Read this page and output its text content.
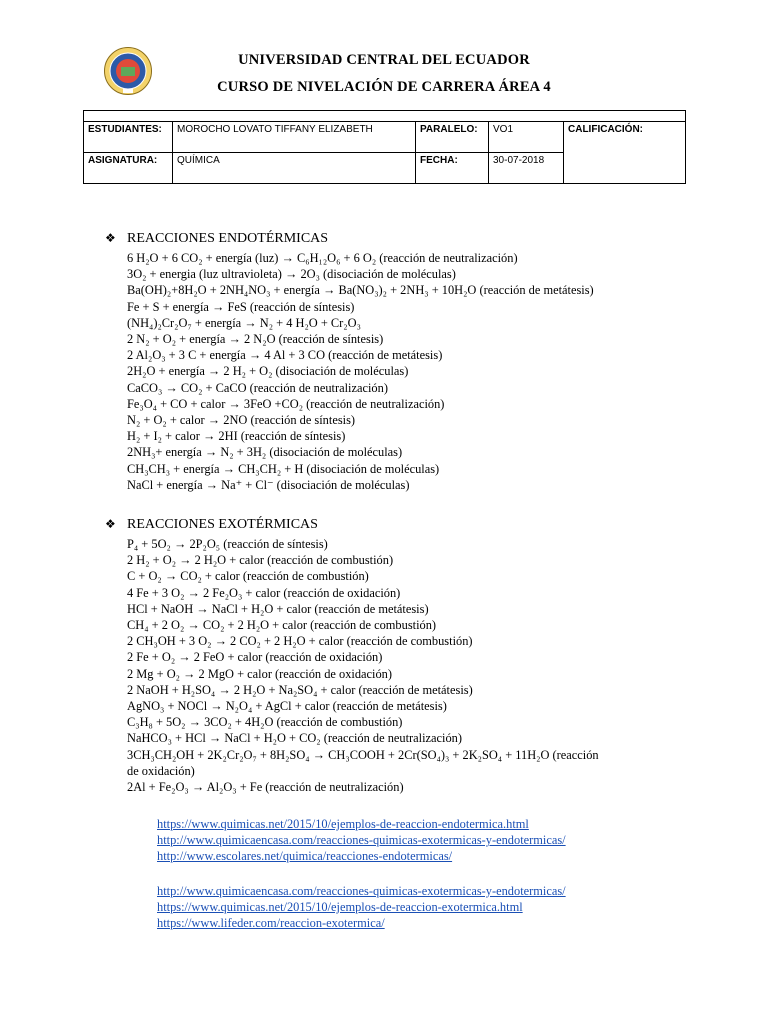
UNIVERSIDAD CENTRAL DEL ECUADOR
CURSO DE NIVELACIÓN DE CARRERA ÁREA 4

ESTUDIANTES:	MOROCHO LOVATO TIFFANY ELIZABETH	PARALELO:	VO1	CALIFICACIÓN:
ASIGNATURA:	QUÍMICA	FECHA:	30-07-2018	
❖ REACCIONES ENDOTÉRMICAS
6 H₂O + 6 CO₂ + energía (luz) → C₆H₁₂O₆ + 6 O₂ (reacción de neutralización)
3O₂ + energia (luz ultravioleta) → 2O₃ (disociación de moléculas)
Ba(OH)₂+8H₂O + 2NH₄NO₃ + energía → Ba(NO₃)₂ + 2NH₃ + 10H₂O (reacción de metátesis)
Fe + S + energía → FeS (reacción de síntesis)
(NH₄)₂Cr₂O₇ + energía → N₂ + 4 H₂O + Cr₂O₃
2 N₂ + O₂ + energía → 2 N₂O (reacción de síntesis)
2 Al₂O₃ + 3 C + energía → 4 Al + 3 CO (reacción de metátesis)
2H₂O + energía → 2 H₂ + O₂ (disociación de moléculas)
CaCO₃ → CO₂ + CaCO (reacción de neutralización)
Fe₃O₄ + CO + calor → 3FeO +CO₂ (reacción de neutralización)
N₂ + O₂ + calor → 2NO (reacción de síntesis)
H₂ + I₂ + calor → 2HI (reacción de síntesis)
2NH₃+ energía → N₂ + 3H₂ (disociación de moléculas)
CH₃CH₃ + energía → CH₃CH₂ + H (disociación de moléculas)
NaCl + energía → Na⁺ + Cl⁻ (disociación de moléculas)
❖ REACCIONES EXOTÉRMICAS
P₄ + 5O₂ → 2P₂O₅ (reacción de síntesis)
2 H₂ + O₂ → 2 H₂O + calor (reacción de combustión)
C + O₂ → CO₂ + calor (reacción de combustión)
4 Fe + 3 O₂ → 2 Fe₂O₃ + calor (reacción de oxidación)
HCl + NaOH → NaCl + H₂O + calor (reacción de metátesis)
CH₄ + 2 O₂ → CO₂ + 2 H₂O + calor (reacción de combustión)
2 CH₃OH + 3 O₂ → 2 CO₂ + 2 H₂O + calor (reacción de combustión)
2 Fe + O₂ → 2 FeO + calor (reacción de oxidación)
2 Mg + O₂ → 2 MgO + calor (reacción de oxidación)
2 NaOH + H₂SO₄ → 2 H₂O + Na₂SO₄ + calor (reacción de metátesis)
AgNO₃ + NOCl → N₂O₄ + AgCl + calor (reacción de metátesis)
C₃H₈ + 5O₂ → 3CO₂ + 4H₂O (reacción de combustión)
NaHCO₃ + HCl → NaCl + H₂O + CO₂ (reacción de neutralización)
3CH₃CH₂OH + 2K₂Cr₂O₇ + 8H₂SO₄ → CH₃COOH + 2Cr(SO₄)₃ + 2K₂SO₄ + 11H₂O (reacción
de oxidación)
2Al + Fe₂O₃ → Al₂O₃ + Fe (reacción de neutralización)
https://www.quimicas.net/2015/10/ejemplos-de-reaccion-endotermica.html
http://www.quimicaencasa.com/reacciones-quimicas-exotermicas-y-endotermicas/
http://www.escolares.net/quimica/reacciones-endotermicas/
http://www.quimicaencasa.com/reacciones-quimicas-exotermicas-y-endotermicas/
https://www.quimicas.net/2015/10/ejemplos-de-reaccion-exotermica.html
https://www.lifeder.com/reaccion-exotermica/
